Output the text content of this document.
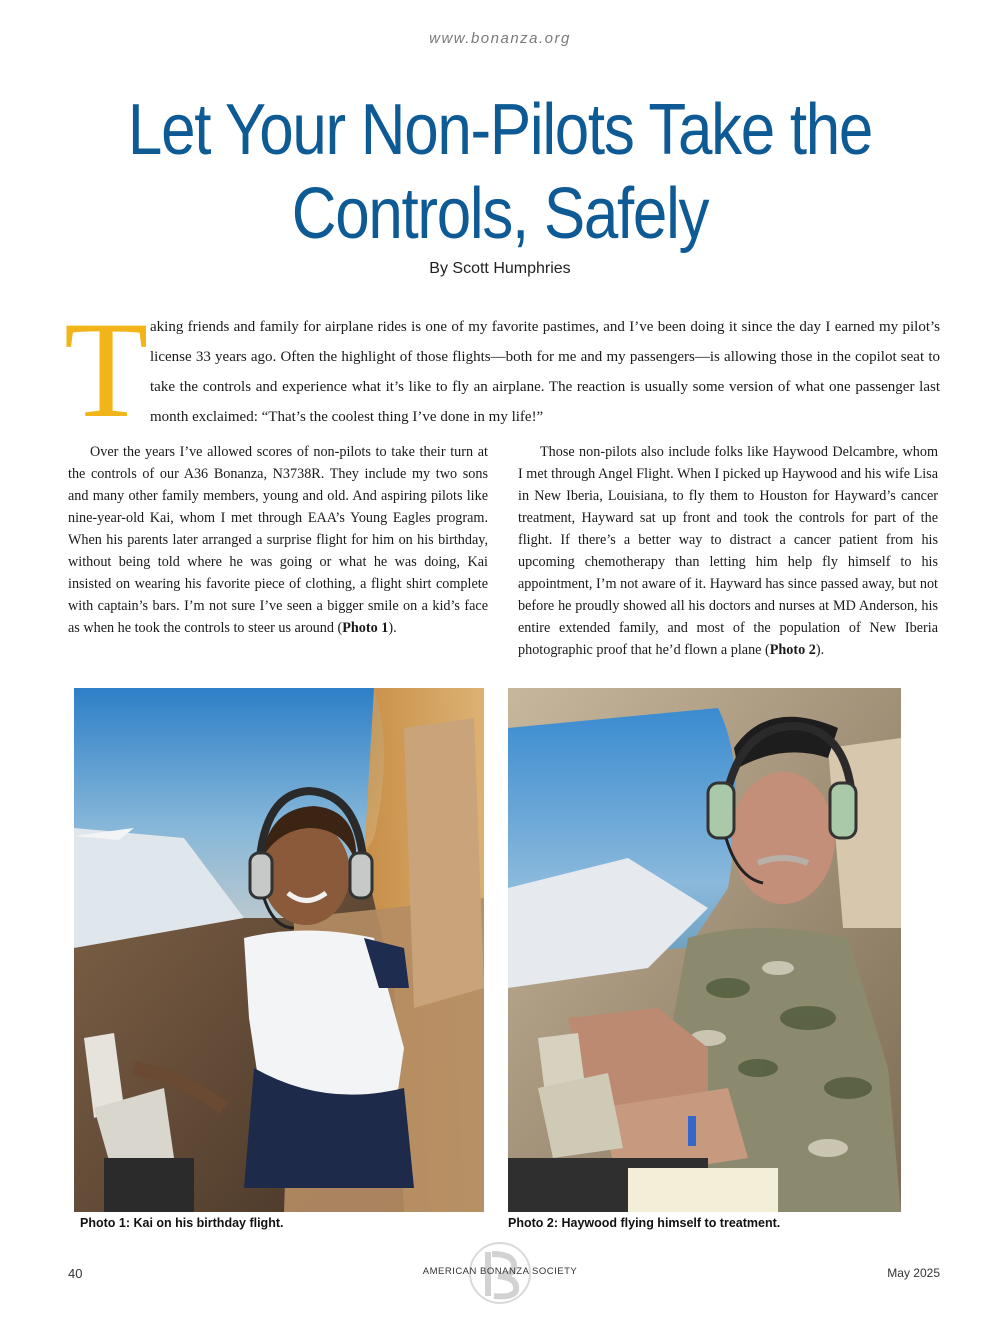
www.bonanza.org
Let Your Non-Pilots Take the Controls, Safely
By Scott Humphries
T aking friends and family for airplane rides is one of my favorite pastimes, and I’ve been doing it since the day I earned my pilot’s license 33 years ago. Often the highlight of those flights—both for me and my passengers—is allowing those in the copilot seat to take the controls and experience what it’s like to fly an airplane. The reaction is usually some version of what one passenger last month exclaimed: “That’s the coolest thing I’ve done in my life!”

Over the years I’ve allowed scores of non-pilots to take their turn at the controls of our A36 Bonanza, N3738R. They include my two sons and many other family members, young and old. And aspiring pilots like nine-year-old Kai, whom I met through EAA’s Young Eagles program. When his parents later arranged a surprise flight for him on his birthday, without being told where he was going or what he was doing, Kai insisted on wearing his favorite piece of clothing, a flight shirt complete with captain’s bars. I’m not sure I’ve seen a bigger smile on a kid’s face as when he took the controls to steer us around (Photo 1).

Those non-pilots also include folks like Haywood Delcambre, whom I met through Angel Flight. When I picked up Haywood and his wife Lisa in New Iberia, Louisiana, to fly them to Houston for Hayward’s cancer treatment, Hayward sat up front and took the controls for part of the flight. If there’s a better way to distract a cancer patient from his upcoming chemotherapy than letting him help fly himself to his appointment, I’m not aware of it. Hayward has since passed away, but not before he proudly showed all his doctors and nurses at MD Anderson, his entire extended family, and most of the population of New Iberia photographic proof that he’d flown a plane (Photo 2).

Photo 1: Kai on his birthday flight.	Photo 2: Haywood flying himself to treatment.
40	AMERICAN BONANZA SOCIETY	May 2025
